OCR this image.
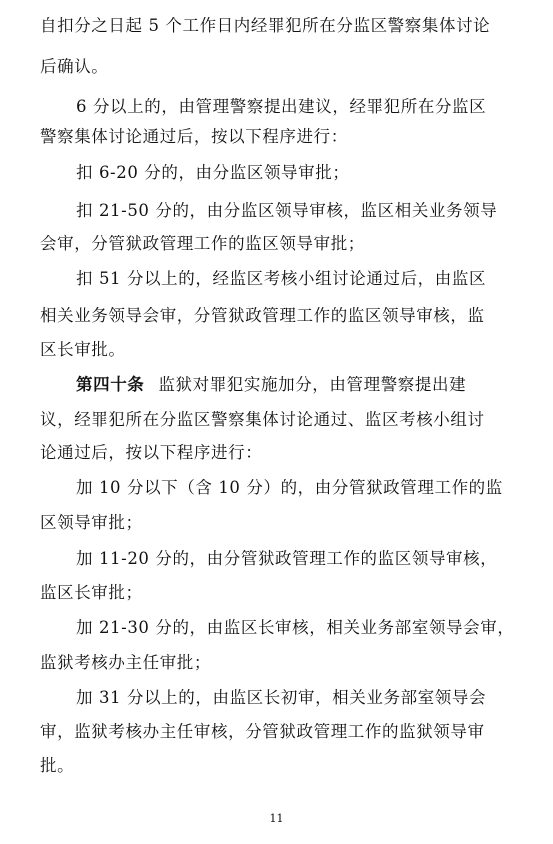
自扣分之日起 5 个工作日内经罪犯所在分监区警察集体讨论
后确认。
6 分以上的，由管理警察提出建议，经罪犯所在分监区
警察集体讨论通过后，按以下程序进行：
扣 6-20 分的，由分监区领导审批；
扣 21-50 分的，由分监区领导审核，监区相关业务领导
会审，分管狱政管理工作的监区领导审批；
扣 51 分以上的，经监区考核小组讨论通过后，由监区
相关业务领导会审，分管狱政管理工作的监区领导审核，监
区长审批。
第四十条 监狱对罪犯实施加分，由管理警察提出建
议，经罪犯所在分监区警察集体讨论通过、监区考核小组讨
论通过后，按以下程序进行：
加 10 分以下（含 10 分）的，由分管狱政管理工作的监
区领导审批；
加 11-20 分的，由分管狱政管理工作的监区领导审核，
监区长审批；
加 21-30 分的，由监区长审核，相关业务部室领导会审，
监狱考核办主任审批；
加 31 分以上的，由监区长初审，相关业务部室领导会
审，监狱考核办主任审核，分管狱政管理工作的监狱领导审
批。
11
